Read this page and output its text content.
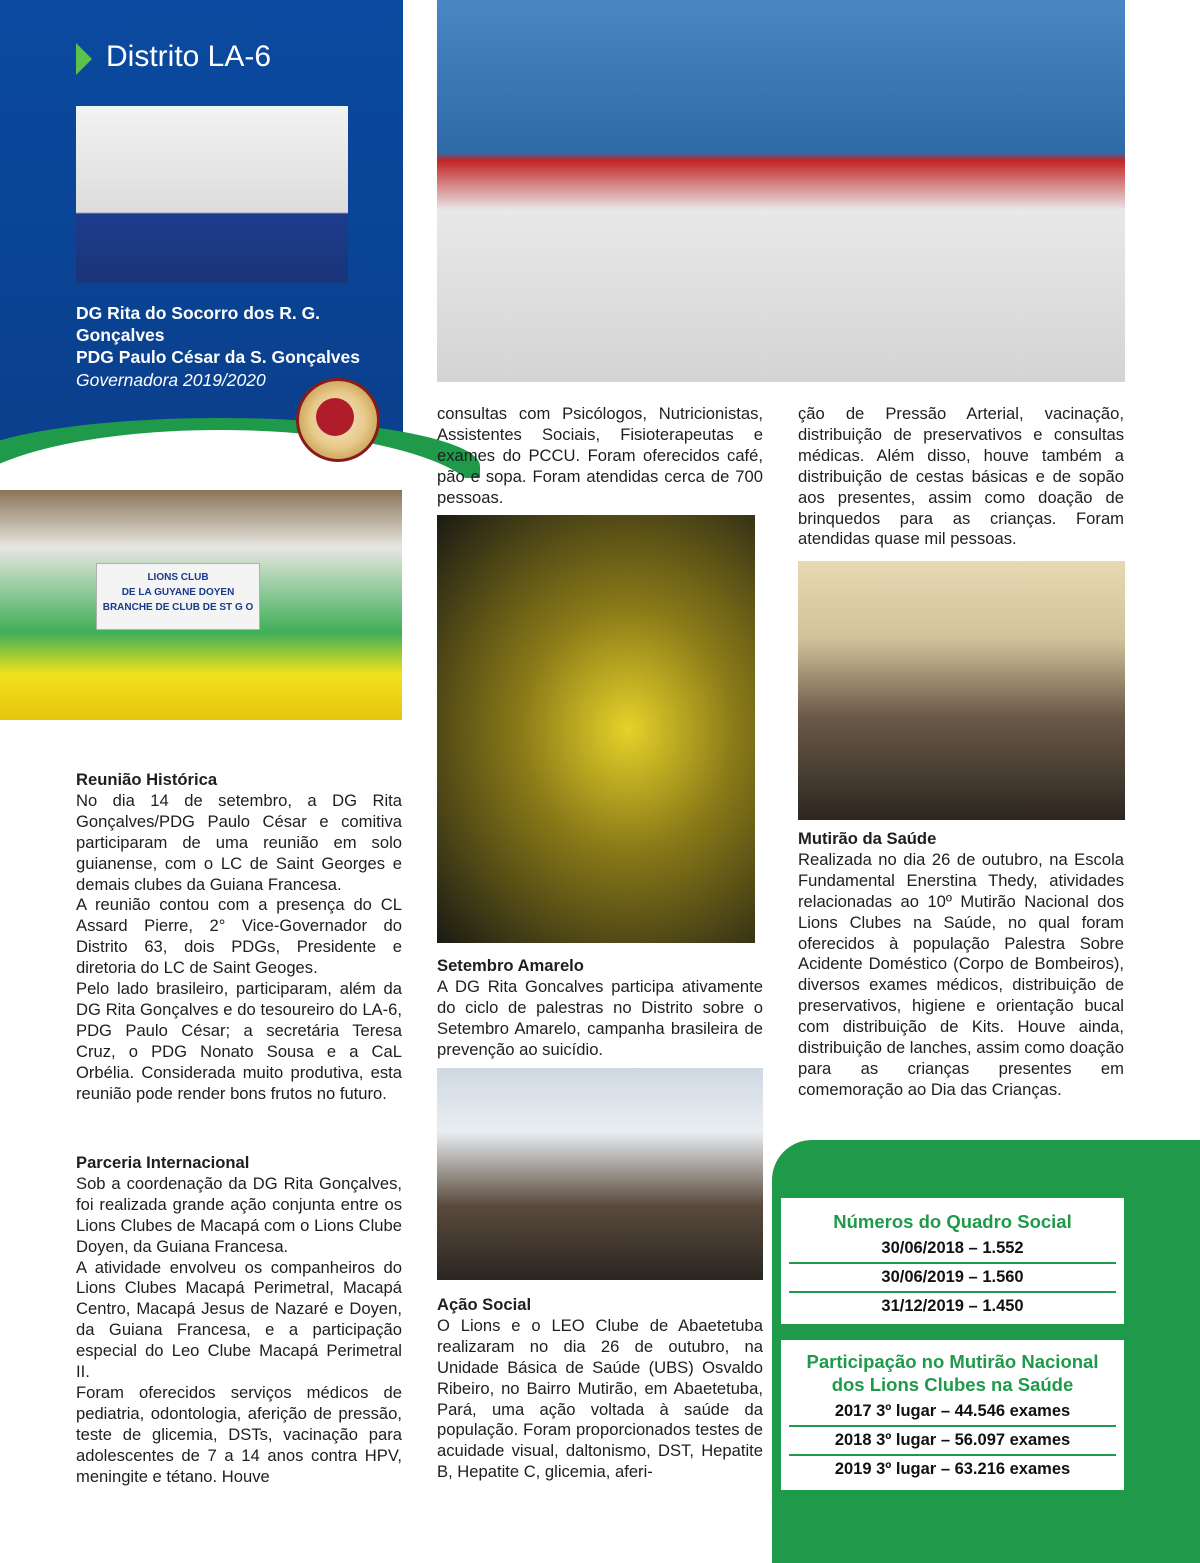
Distrito LA-6
DG Rita do Socorro dos R. G.
Gonçalves
PDG Paulo César da S. Gonçalves
Governadora 2019/2020
LIONS CLUB
DE LA GUYANE DOYEN
BRANCHE DE CLUB DE ST G O

Reunião Histórica

No dia 14 de setembro, a DG Rita Gonçalves/PDG Paulo César e comitiva participaram de uma reunião em solo guianense, com o LC de Saint Georges e demais clubes da Guiana Francesa.

A reunião contou com a presença do CL Assard Pierre, 2° Vice-Governador do Distrito 63, dois PDGs, Presidente e diretoria do LC de Saint Geoges.

Pelo lado brasileiro, participaram, além da DG Rita Gonçalves e do tesoureiro do LA-6, PDG Paulo César; a secretária Teresa Cruz, o PDG Nonato Sousa e a CaL Orbélia. Considerada muito produtiva, esta reunião pode render bons frutos no futuro.

Parceria Internacional

Sob a coordenação da DG Rita Gonçalves, foi realizada grande ação conjunta entre os Lions Clubes de Macapá com o Lions Clube Doyen, da Guiana Francesa.

A atividade envolveu os companheiros do Lions Clubes Macapá Perimetral, Macapá Centro, Macapá Jesus de Nazaré e Doyen, da Guiana Francesa, e a participação especial do Leo Clube Macapá Perimetral II.

Foram oferecidos serviços médicos de pediatria, odontologia, aferição de pressão, teste de glicemia, DSTs, vacinação para adolescentes de 7 a 14 anos contra HPV, meningite e tétano. Houve

consultas com Psicólogos, Nutricionistas, Assistentes Sociais, Fisioterapeutas e exames do PCCU. Foram oferecidos café, pão e sopa. Foram atendidas cerca de 700 pessoas.

Setembro Amarelo

A DG Rita Goncalves participa ativamente do ciclo de palestras no Distrito sobre o Setembro Amarelo, campanha brasileira de prevenção ao suicídio.

Ação Social

O Lions e o LEO Clube de Abaetetuba realizaram no dia 26 de outubro, na Unidade Básica de Saúde (UBS) Osvaldo Ribeiro, no Bairro Mutirão, em Abaetetuba, Pará, uma ação voltada à saúde da população. Foram proporcionados testes de acuidade visual, daltonismo, DST, Hepatite B, Hepatite C, glicemia, aferi-

ção de Pressão Arterial, vacinação, distribuição de preservativos e consultas médicas. Além disso, houve também a distribuição de cestas básicas e de sopão aos presentes, assim como doação de brinquedos para as crianças. Foram atendidas quase mil pessoas.

Mutirão da Saúde

Realizada no dia 26 de outubro, na Escola Fundamental Enerstina Thedy, atividades relacionadas ao 10º Mutirão Nacional dos Lions Clubes na Saúde, no qual foram oferecidos à população Palestra Sobre Acidente Doméstico (Corpo de Bombeiros), diversos exames médicos, distribuição de preservativos, higiene e orientação bucal com distribuição de Kits. Houve ainda, distribuição de lanches, assim como doação para as crianças presentes em comemoração ao Dia das Crianças.

Números do Quadro Social
30/06/2018 – 1.552
30/06/2019 – 1.560
31/12/2019 – 1.450
Participação no Mutirão Nacional
dos Lions Clubes na Saúde
2017 3º lugar – 44.546 exames
2018 3º lugar – 56.097 exames
2019 3º lugar – 63.216 exames
